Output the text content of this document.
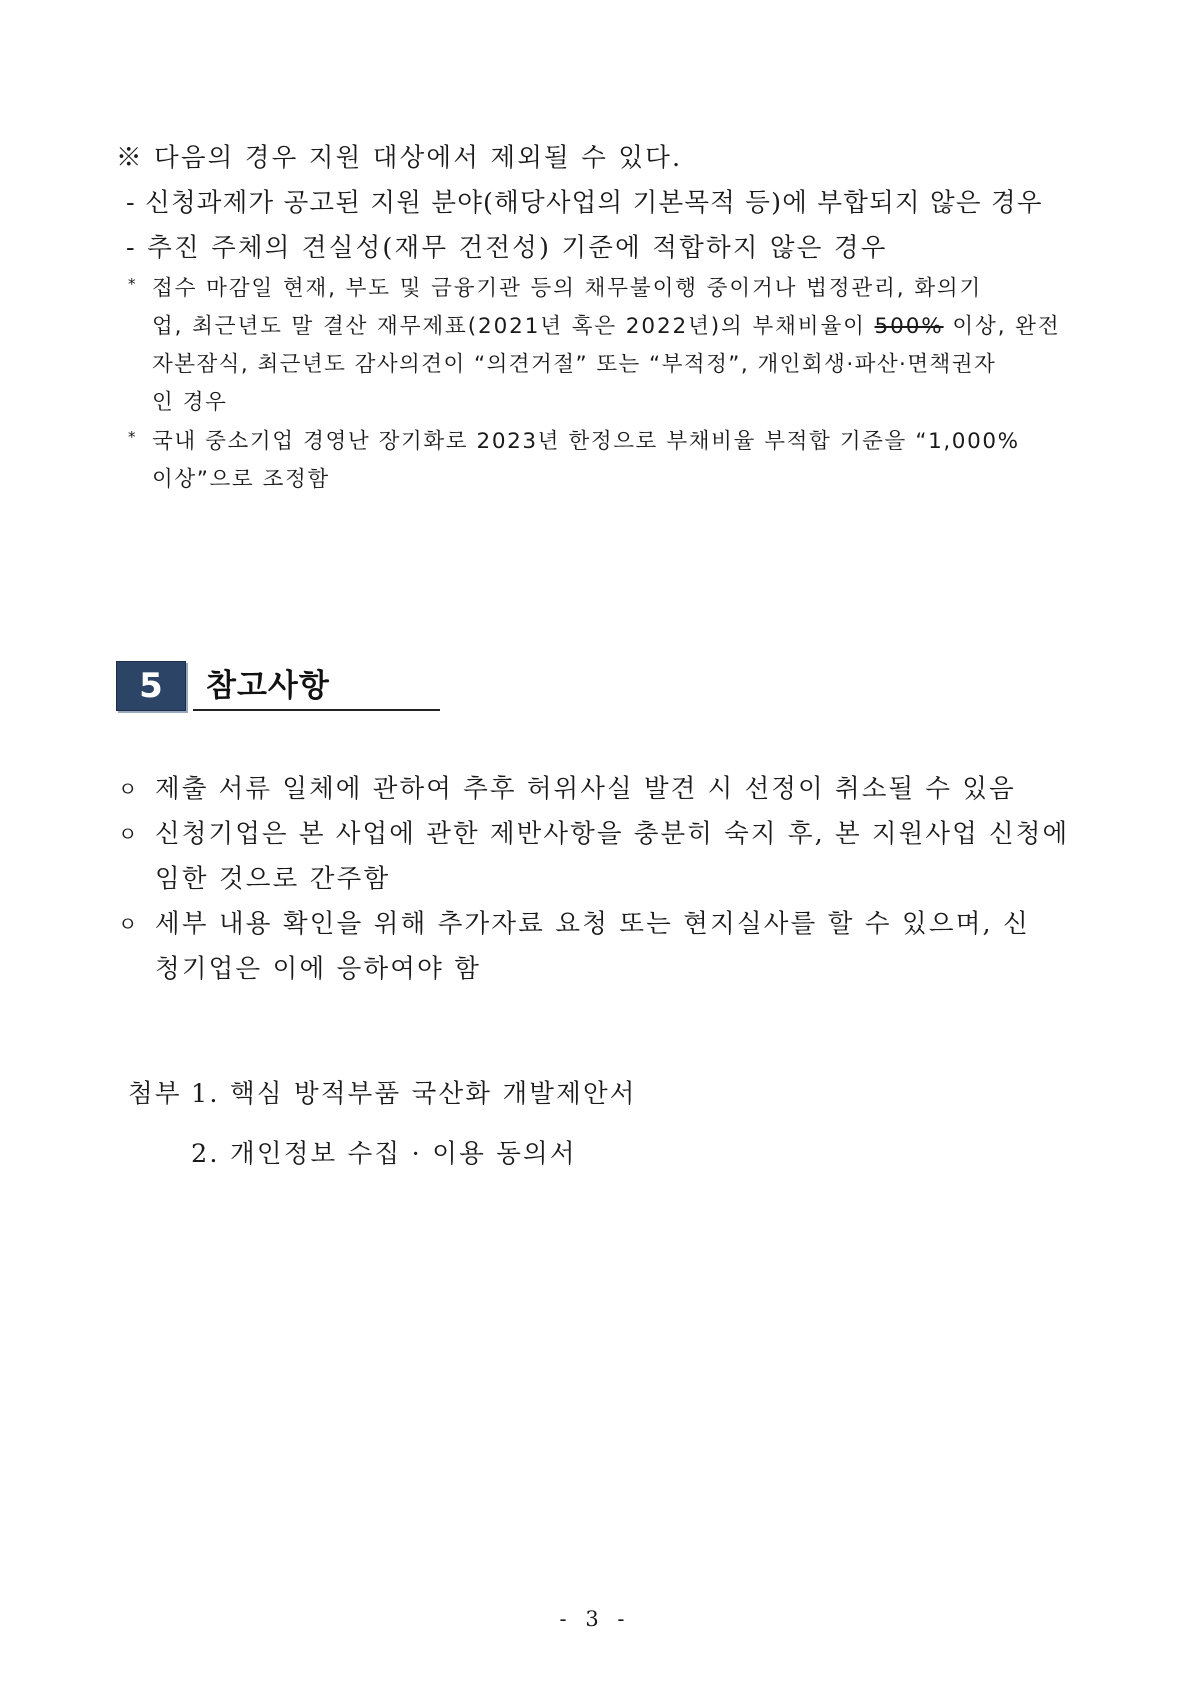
※ 다음의 경우 지원 대상에서 제외될 수 있다.
- 신청과제가 공고된 지원 분야(해당사업의 기본목적 등)에 부합되지 않은 경우
- 추진 주체의 견실성(재무 건전성) 기준에 적합하지 않은 경우
* 접수 마감일 현재, 부도 및 금융기관 등의 채무불이행 중이거나 법정관리, 화의기
업, 최근년도 말 결산 재무제표(2021년 혹은 2022년)의 부채비율이 500% 이상, 완전
자본잠식, 최근년도 감사의견이 “의견거절” 또는 “부적정”, 개인회생·파산·면책권자
인 경우
* 국내 중소기업 경영난 장기화로 2023년 한정으로 부채비율 부적합 기준을 “1,000%
이상”으로 조정함
5	참고사항
ㅇ 제출 서류 일체에 관하여 추후 허위사실 발견 시 선정이 취소될 수 있음
ㅇ 신청기업은 본 사업에 관한 제반사항을 충분히 숙지 후, 본 지원사업 신청에
임한 것으로 간주함
ㅇ 세부 내용 확인을 위해 추가자료 요청 또는 현지실사를 할 수 있으며, 신
청기업은 이에 응하여야 함
첨부 1. 핵심 방적부품 국산화 개발제안서
2. 개인정보 수집 · 이용 동의서
- 3 -
